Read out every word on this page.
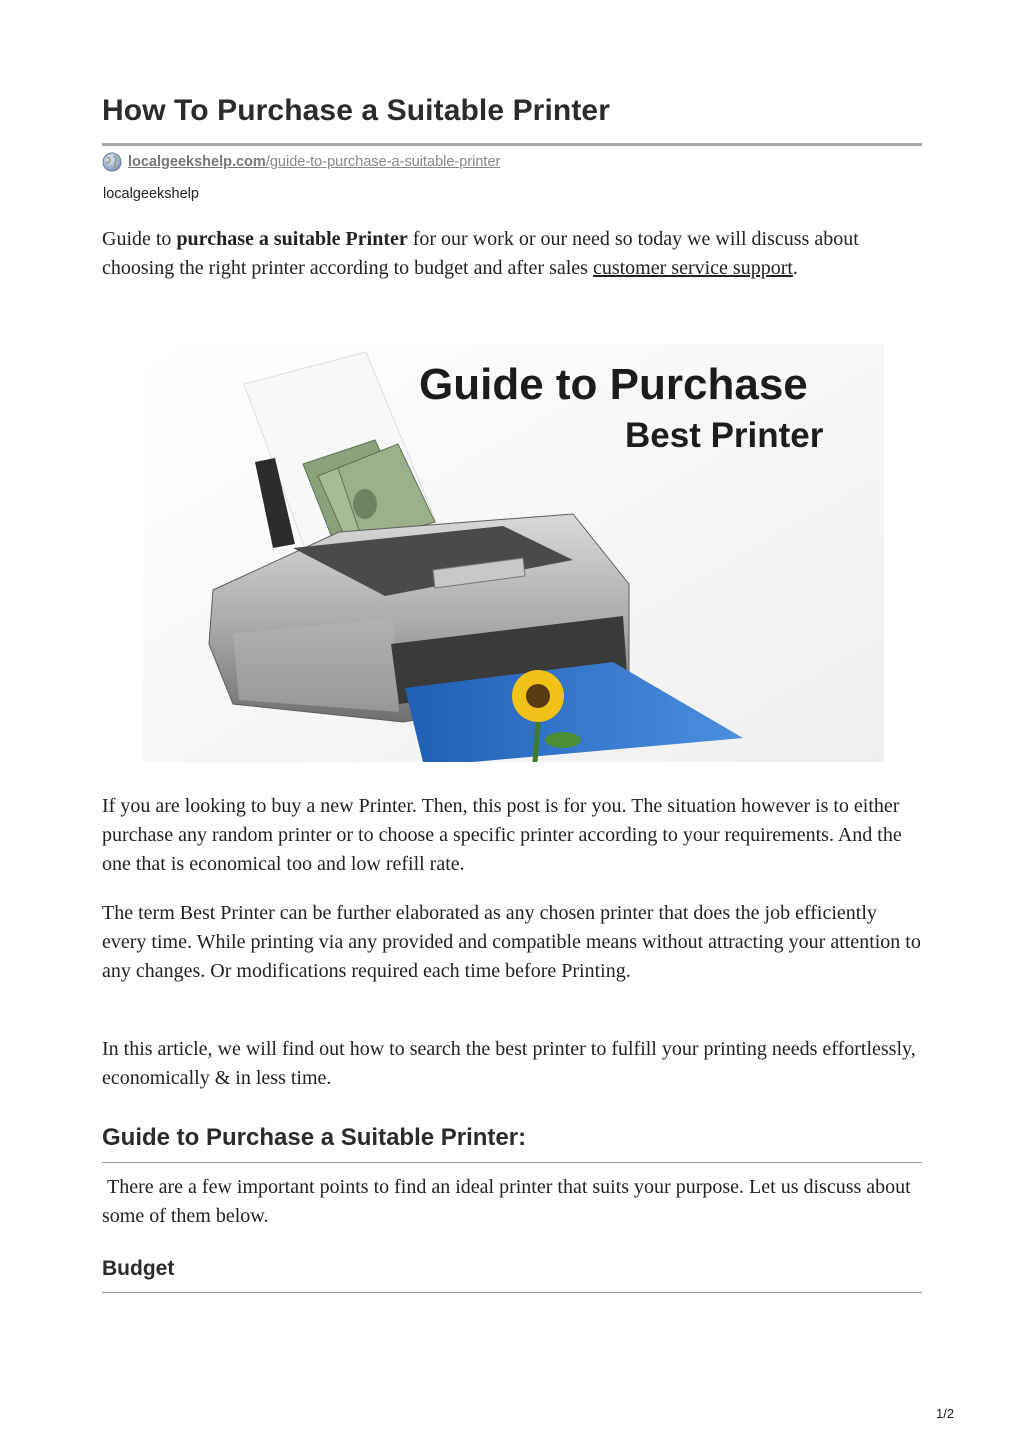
How To Purchase a Suitable Printer
localgeekshelp.com /guide-to-purchase-a-suitable-printer

localgeekshelp

Guide to purchase a suitable Printer for our work or our need so today we will discuss about choosing the right printer according to budget and after sales customer service support.

Guide to Purchase
Best Printer

If you are looking to buy a new Printer. Then, this post is for you. The situation however is to either purchase any random printer or to choose a specific printer according to your requirements. And the one that is economical too and low refill rate.

The term Best Printer can be further elaborated as any chosen printer that does the job efficiently every time. While printing via any provided and compatible means without attracting your attention to any changes. Or modifications required each time before Printing.

In this article, we will find out how to search the best printer to fulfill your printing needs effortlessly, economically & in less time.

Guide to Purchase a Suitable Printer:

There are a few important points to find an ideal printer that suits your purpose. Let us discuss about some of them below.

Budget
1/2
